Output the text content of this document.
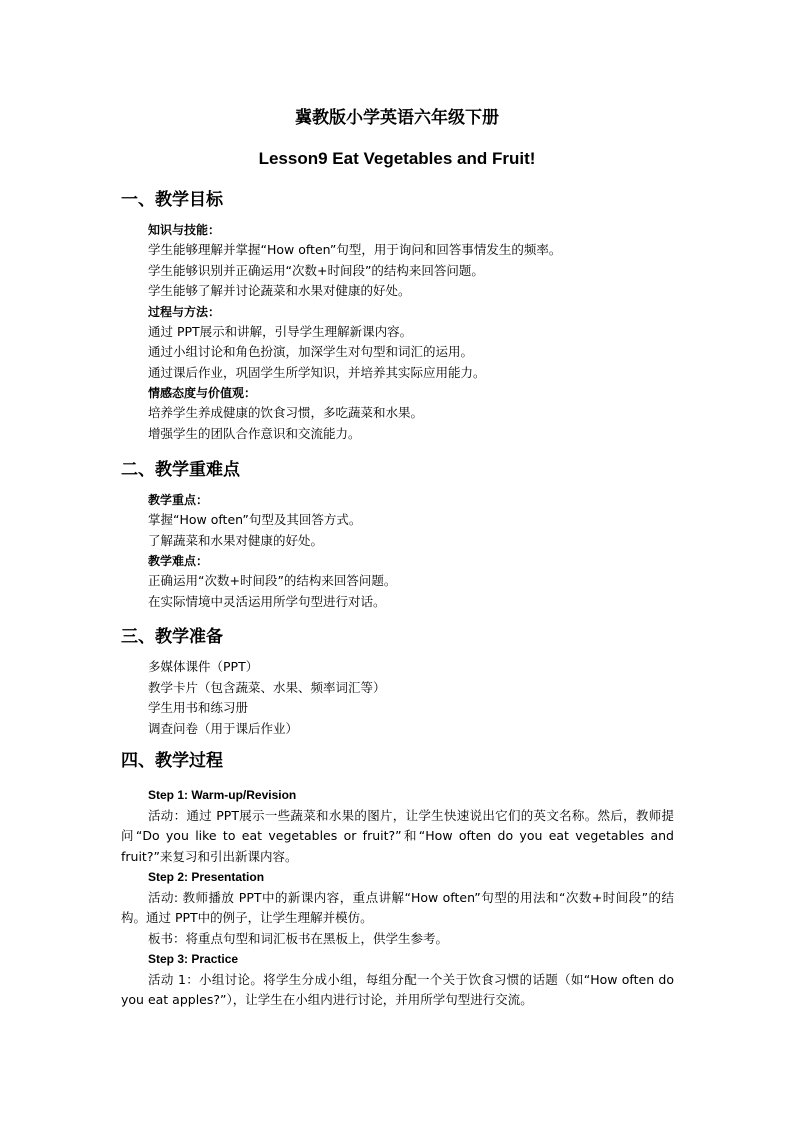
冀教版小学英语六年级下册
Lesson9 Eat Vegetables and Fruit!
一、教学目标
知识与技能：
学生能够理解并掌握“How often”句型，用于询问和回答事情发生的频率。
学生能够识别并正确运用“次数+时间段”的结构来回答问题。
学生能够了解并讨论蔬菜和水果对健康的好处。
过程与方法：
通过 PPT展示和讲解，引导学生理解新课内容。
通过小组讨论和角色扮演，加深学生对句型和词汇的运用。
通过课后作业，巩固学生所学知识，并培养其实际应用能力。
情感态度与价值观：
培养学生养成健康的饮食习惯，多吃蔬菜和水果。
增强学生的团队合作意识和交流能力。
二、教学重难点
教学重点：
掌握“How often”句型及其回答方式。
了解蔬菜和水果对健康的好处。
教学难点：
正确运用“次数+时间段”的结构来回答问题。
在实际情境中灵活运用所学句型进行对话。
三、教学准备
多媒体课件（PPT）
教学卡片（包含蔬菜、水果、频率词汇等）
学生用书和练习册
调查问卷（用于课后作业）
四、教学过程
Step 1: Warm-up/Revision
活动：通过 PPT展示一些蔬菜和水果的图片，让学生快速说出它们的英文名称。然后，教师提问“Do you like to eat vegetables or fruit?”和“How often do you eat vegetables and fruit?”来复习和引出新课内容。
Step 2: Presentation
活动: 教师播放 PPT中的新课内容，重点讲解“How often”句型的用法和“次数+时间段”的结构。通过 PPT中的例子，让学生理解并模仿。
板书：将重点句型和词汇板书在黑板上，供学生参考。
Step 3: Practice
活动 1：小组讨论。将学生分成小组，每组分配一个关于饮食习惯的话题（如“How often do you eat apples?”），让学生在小组内进行讨论，并用所学句型进行交流。
